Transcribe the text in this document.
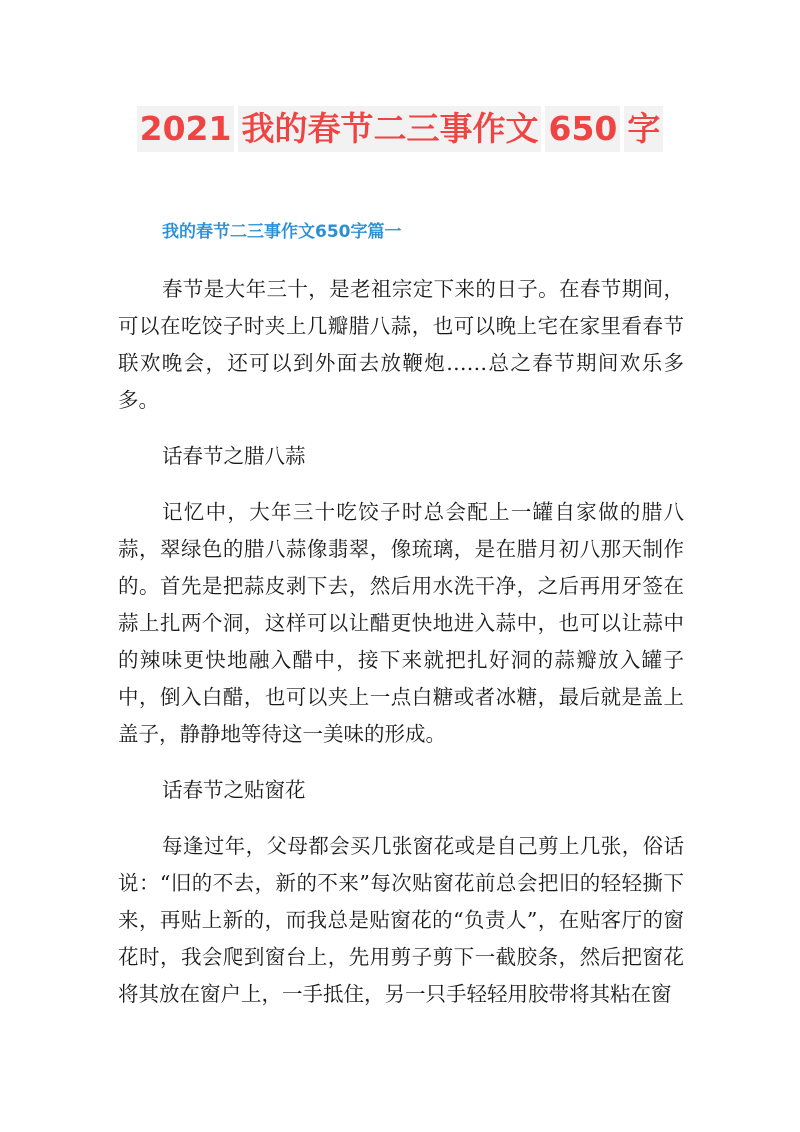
2021 我的春节二三事作文 650 字
我的春节二三事作文650字篇一

春节是大年三十，是老祖宗定下来的日子。在春节期间，可以在吃饺子时夹上几瓣腊八蒜，也可以晚上宅在家里看春节联欢晚会，还可以到外面去放鞭炮……总之春节期间欢乐多多。

话春节之腊八蒜

记忆中，大年三十吃饺子时总会配上一罐自家做的腊八蒜，翠绿色的腊八蒜像翡翠，像琉璃，是在腊月初八那天制作的。首先是把蒜皮剥下去，然后用水洗干净，之后再用牙签在蒜上扎两个洞，这样可以让醋更快地进入蒜中，也可以让蒜中的辣味更快地融入醋中，接下来就把扎好洞的蒜瓣放入罐子中，倒入白醋，也可以夹上一点白糖或者冰糖，最后就是盖上盖子，静静地等待这一美味的形成。

话春节之贴窗花

每逢过年，父母都会买几张窗花或是自己剪上几张，俗话说：“旧的不去，新的不来”每次贴窗花前总会把旧的轻轻撕下来，再贴上新的，而我总是贴窗花的“负责人”，在贴客厅的窗花时，我会爬到窗台上，先用剪子剪下一截胶条，然后把窗花将其放在窗户上，一手抵住，另一只手轻轻用胶带将其粘在窗
